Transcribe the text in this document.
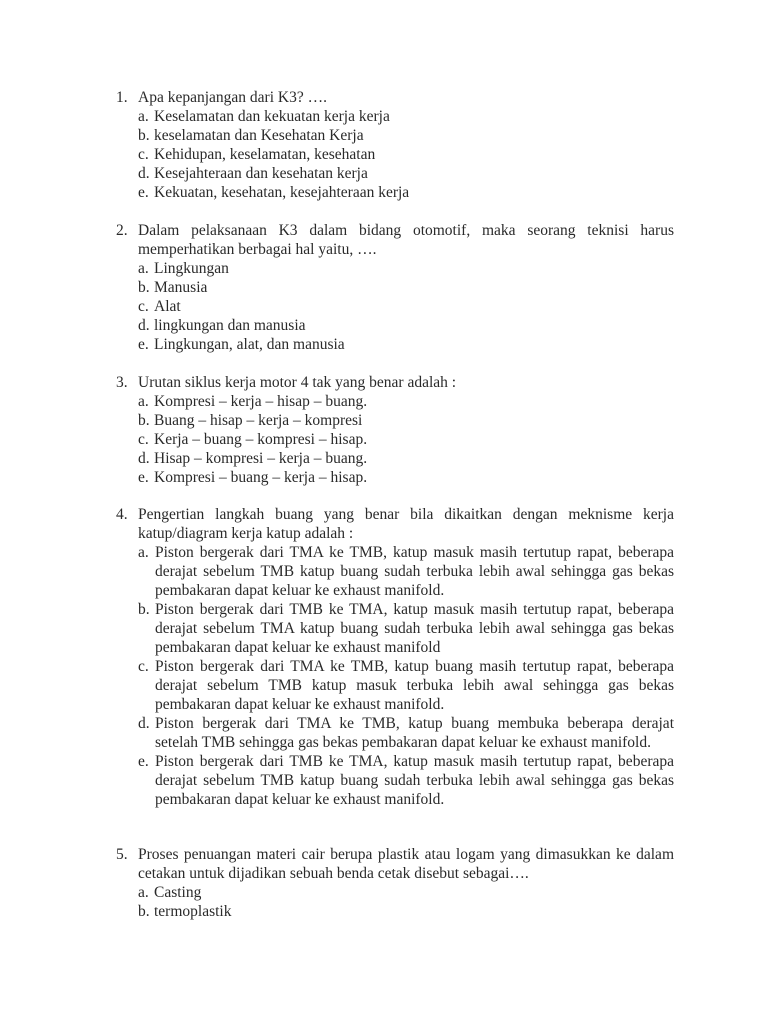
1. Apa kepanjangan dari K3? ….
a. Keselamatan dan kekuatan kerja kerja
b. keselamatan dan Kesehatan Kerja
c. Kehidupan, keselamatan, kesehatan
d. Kesejahteraan dan kesehatan kerja
e. Kekuatan, kesehatan, kesejahteraan kerja
2. Dalam pelaksanaan K3 dalam bidang otomotif, maka seorang teknisi harus memperhatikan berbagai hal yaitu, ….
a. Lingkungan
b. Manusia
c. Alat
d. lingkungan dan manusia
e. Lingkungan, alat, dan manusia
3. Urutan siklus kerja motor 4 tak yang benar adalah :
a. Kompresi – kerja – hisap – buang.
b. Buang – hisap – kerja – kompresi
c. Kerja – buang – kompresi – hisap.
d. Hisap – kompresi – kerja – buang.
e. Kompresi – buang – kerja – hisap.
4. Pengertian langkah buang yang benar bila dikaitkan dengan meknisme kerja katup/diagram kerja katup adalah :
a. Piston bergerak dari TMA ke TMB, katup masuk masih tertutup rapat, beberapa derajat sebelum TMB katup buang sudah terbuka lebih awal sehingga gas bekas pembakaran dapat keluar ke exhaust manifold.
b. Piston bergerak dari TMB ke TMA, katup masuk masih tertutup rapat, beberapa derajat sebelum TMA katup buang sudah terbuka lebih awal sehingga gas bekas pembakaran dapat keluar ke exhaust manifold
c. Piston bergerak dari TMA ke TMB, katup buang masih tertutup rapat, beberapa derajat sebelum TMB katup masuk terbuka lebih awal sehingga gas bekas pembakaran dapat keluar ke exhaust manifold.
d. Piston bergerak dari TMA ke TMB, katup buang membuka beberapa derajat setelah TMB sehingga gas bekas pembakaran dapat keluar ke exhaust manifold.
e. Piston bergerak dari TMB ke TMA, katup masuk masih tertutup rapat, beberapa derajat sebelum TMB katup buang sudah terbuka lebih awal sehingga gas bekas pembakaran dapat keluar ke exhaust manifold.
5. Proses penuangan materi cair berupa plastik atau logam yang dimasukkan ke dalam cetakan untuk dijadikan sebuah benda cetak disebut sebagai….
a. Casting
b. termoplastik
